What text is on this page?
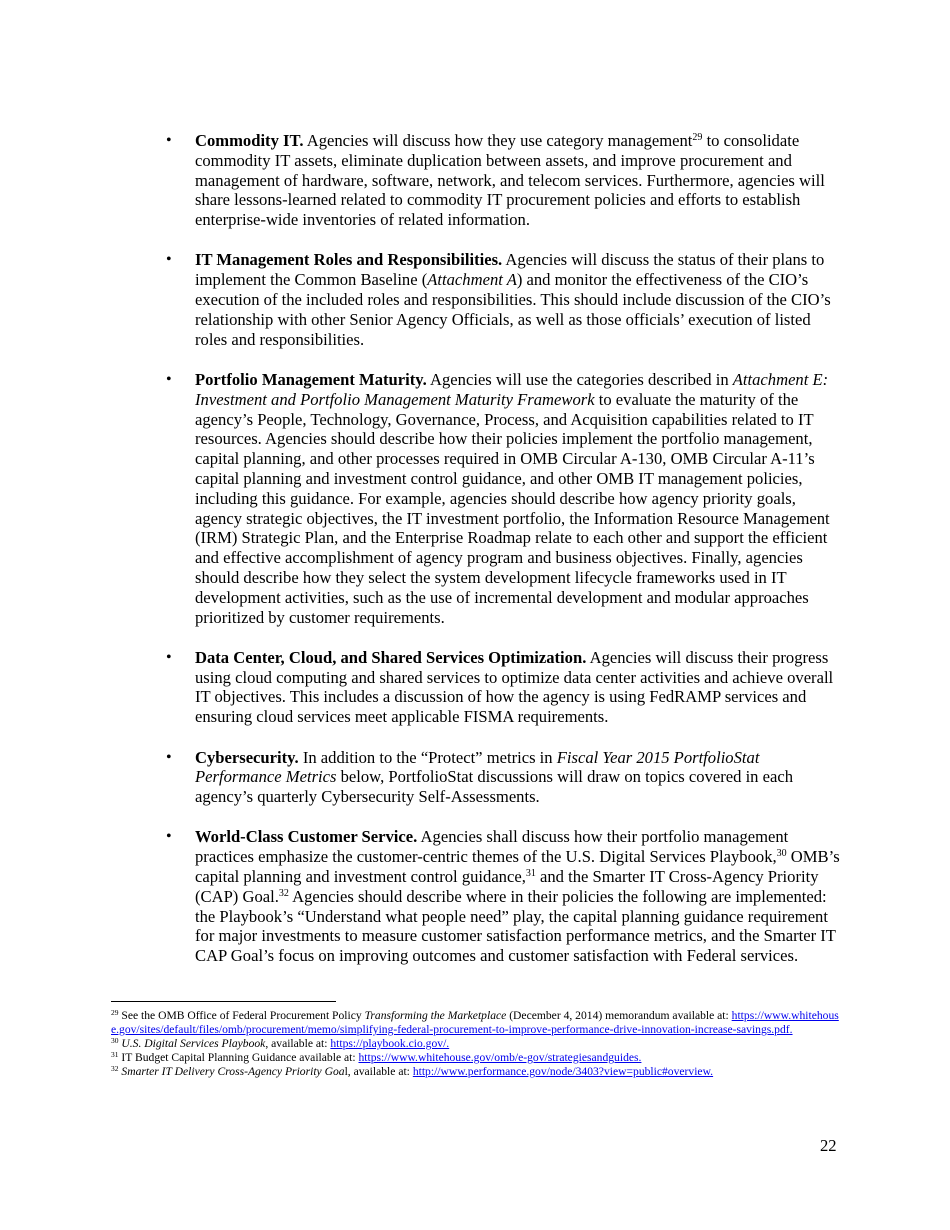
• Commodity IT. Agencies will discuss how they use category management$^{29}$ to consolidate commodity IT assets, eliminate duplication between assets, and improve procurement and management of hardware, software, network, and telecom services. Furthermore, agencies will share lessons-learned related to commodity IT procurement policies and efforts to establish enterprise-wide inventories of related information.
• IT Management Roles and Responsibilities. Agencies will discuss the status of their plans to implement the Common Baseline (Attachment A) and monitor the effectiveness of the CIO’s execution of the included roles and responsibilities. This should include discussion of the CIO’s relationship with other Senior Agency Officials, as well as those officials’ execution of listed roles and responsibilities.
• Portfolio Management Maturity. Agencies will use the categories described in Attachment E: Investment and Portfolio Management Maturity Framework to evaluate the maturity of the agency’s People, Technology, Governance, Process, and Acquisition capabilities related to IT resources. Agencies should describe how their policies implement the portfolio management, capital planning, and other processes required in OMB Circular A-130, OMB Circular A-11’s capital planning and investment control guidance, and other OMB IT management policies, including this guidance. For example, agencies should describe how agency priority goals, agency strategic objectives, the IT investment portfolio, the Information Resource Management (IRM) Strategic Plan, and the Enterprise Roadmap relate to each other and support the efficient and effective accomplishment of agency program and business objectives. Finally, agencies should describe how they select the system development lifecycle frameworks used in IT development activities, such as the use of incremental development and modular approaches prioritized by customer requirements.
• Data Center, Cloud, and Shared Services Optimization. Agencies will discuss their progress using cloud computing and shared services to optimize data center activities and achieve overall IT objectives. This includes a discussion of how the agency is using FedRAMP services and ensuring cloud services meet applicable FISMA requirements.
• Cybersecurity. In addition to the “Protect” metrics in Fiscal Year 2015 PortfolioStat Performance Metrics below, PortfolioStat discussions will draw on topics covered in each agency’s quarterly Cybersecurity Self-Assessments.
• World-Class Customer Service. Agencies shall discuss how their portfolio management practices emphasize the customer-centric themes of the U.S. Digital Services Playbook,$^{30}$ OMB’s capital planning and investment control guidance,$^{31}$ and the Smarter IT Cross-Agency Priority (CAP) Goal.$^{32}$ Agencies should describe where in their policies the following are implemented: the Playbook’s “Understand what people need” play, the capital planning guidance requirement for major investments to measure customer satisfaction performance metrics, and the Smarter IT CAP Goal’s focus on improving outcomes and customer satisfaction with Federal services.
$^{29}$ See the OMB Office of Federal Procurement Policy Transforming the Marketplace (December 4, 2014) memorandum available at: https://www.whitehouse.gov/sites/default/files/omb/procurement/memo/simplifying-federal-procurement-to-improve-performance-drive-innovation-increase-savings.pdf.
$^{30}$ U.S. Digital Services Playbook, available at: https://playbook.cio.gov/.
$^{31}$ IT Budget Capital Planning Guidance available at: https://www.whitehouse.gov/omb/e-gov/strategiesandguides.
$^{32}$ Smarter IT Delivery Cross-Agency Priority Goal, available at: http://www.performance.gov/node/3403?view=public#overview.
22
